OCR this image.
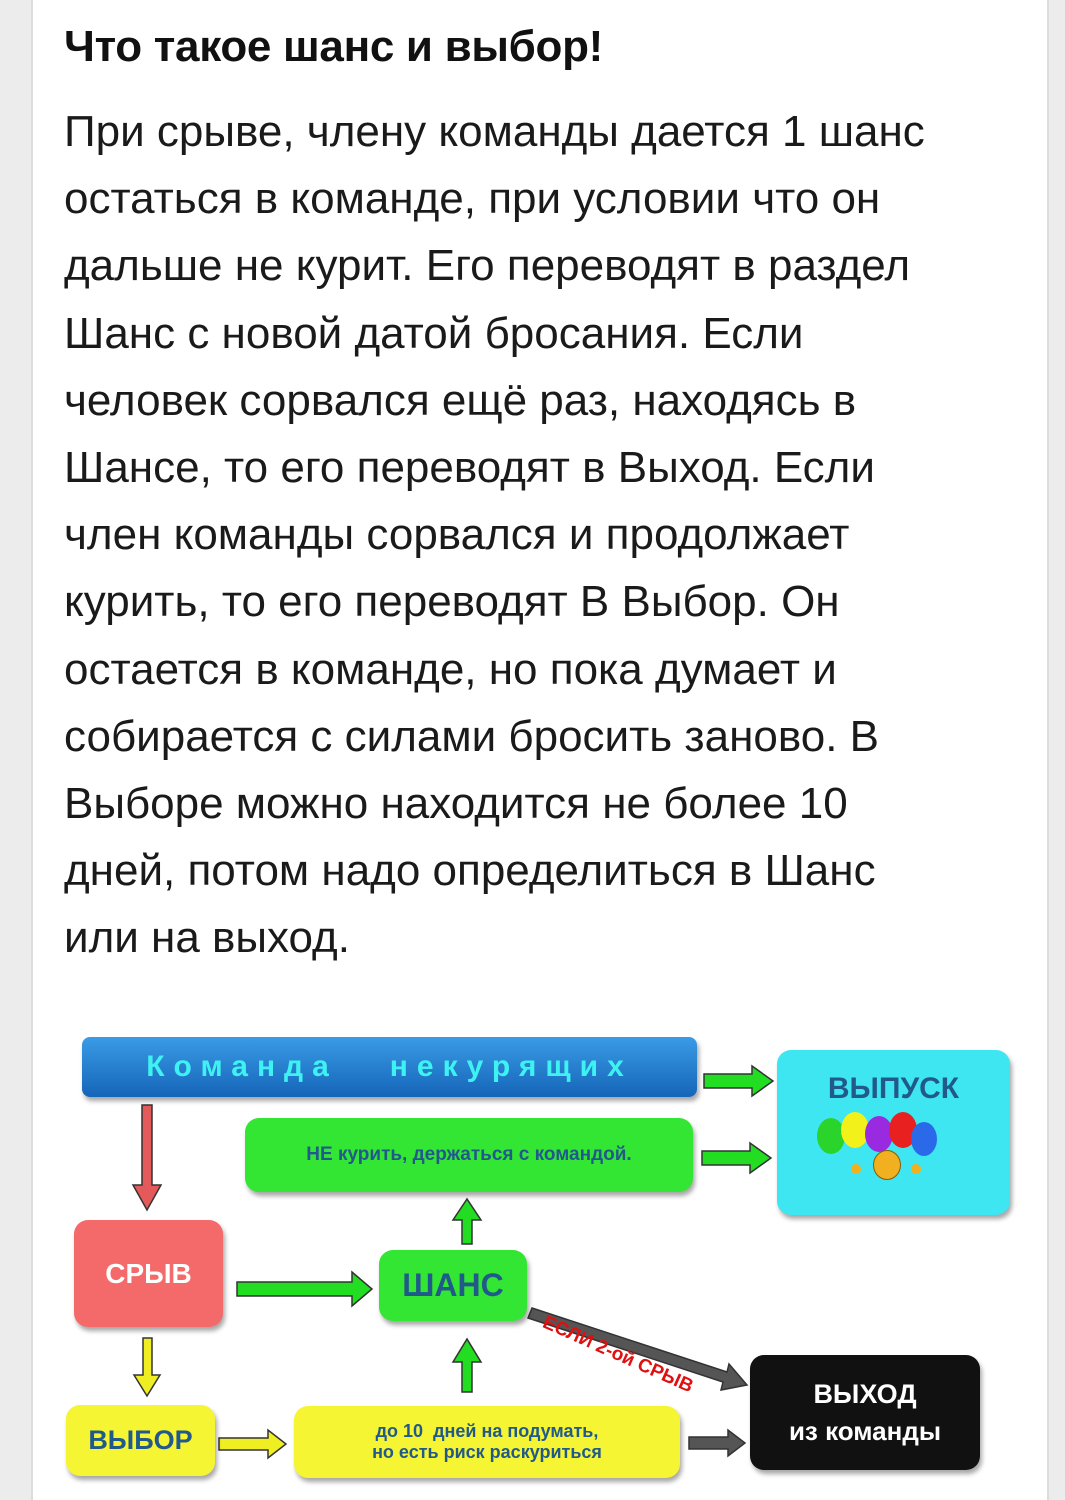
Что такое шанс и выбор!
При срыве, члену команды дается 1 шанс
остаться в команде, при условии что он
дальше не курит. Его переводят в раздел
Шанс с новой датой бросания. Если
человек сорвался ещё раз, находясь в
Шансе, то его переводят в Выход. Если
член команды сорвался и продолжает
курить, то его переводят В Выбор. Он
остается в команде, но пока думает и
собирается с силами бросить заново. В
Выборе можно находится не более 10
дней, потом надо определиться в Шанс
или на выход.
Команда   некурящих
ВЫПУСК
НЕ курить, держаться с командой.
СРЫВ	ШАНС
ЕСЛИ 2-ой СРЫВ
ВЫБОР	до 10  дней на подумать,
но есть риск раскуриться
ВЫХОД
из команды
